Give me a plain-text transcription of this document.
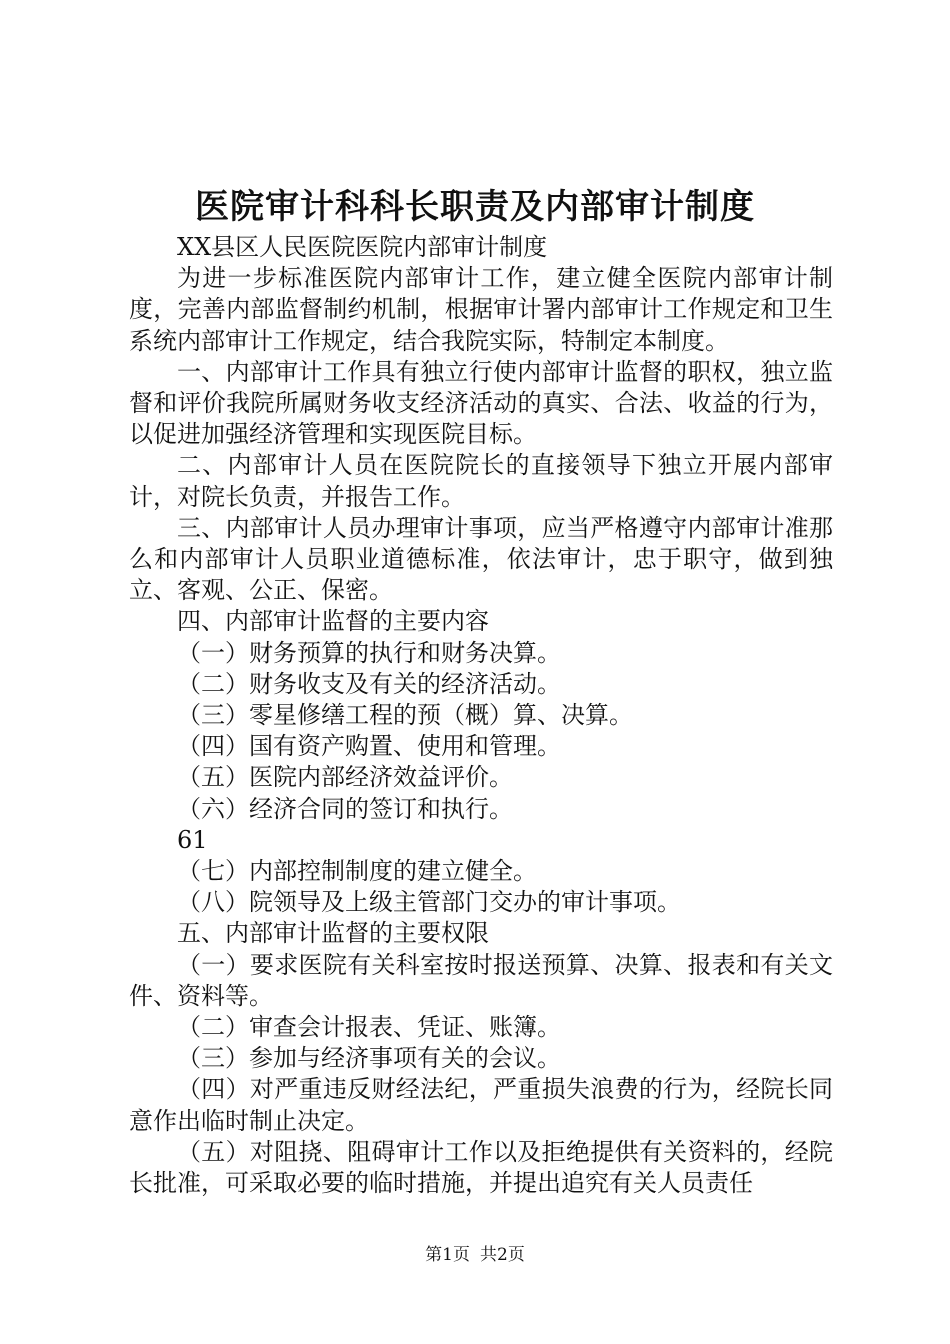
医院审计科科长职责及内部审计制度

XX县区人民医院医院内部审计制度

为进一步标准医院内部审计工作，建立健全医院内部审计制度，完善内部监督制约机制，根据审计署内部审计工作规定和卫生系统内部审计工作规定，结合我院实际，特制定本制度。

一、内部审计工作具有独立行使内部审计监督的职权，独立监督和评价我院所属财务收支经济活动的真实、合法、收益的行为，以促进加强经济管理和实现医院目标。

二、内部审计人员在医院院长的直接领导下独立开展内部审计，对院长负责，并报告工作。

三、内部审计人员办理审计事项，应当严格遵守内部审计准那么和内部审计人员职业道德标准，依法审计，忠于职守，做到独立、客观、公正、保密。

四、内部审计监督的主要内容

（一）财务预算的执行和财务决算。

（二）财务收支及有关的经济活动。

（三）零星修缮工程的预（概）算、决算。

（四）国有资产购置、使用和管理。

（五）医院内部经济效益评价。

（六）经济合同的签订和执行。

61

（七）内部控制制度的建立健全。

（八）院领导及上级主管部门交办的审计事项。

五、内部审计监督的主要权限

（一）要求医院有关科室按时报送预算、决算、报表和有关文件、资料等。

（二）审查会计报表、凭证、账簿。

（三）参加与经济事项有关的会议。

（四）对严重违反财经法纪，严重损失浪费的行为，经院长同意作出临时制止决定。

（五）对阻挠、阻碍审计工作以及拒绝提供有关资料的，经院长批准，可采取必要的临时措施，并提出追究有关人员责任

第1页 共2页
